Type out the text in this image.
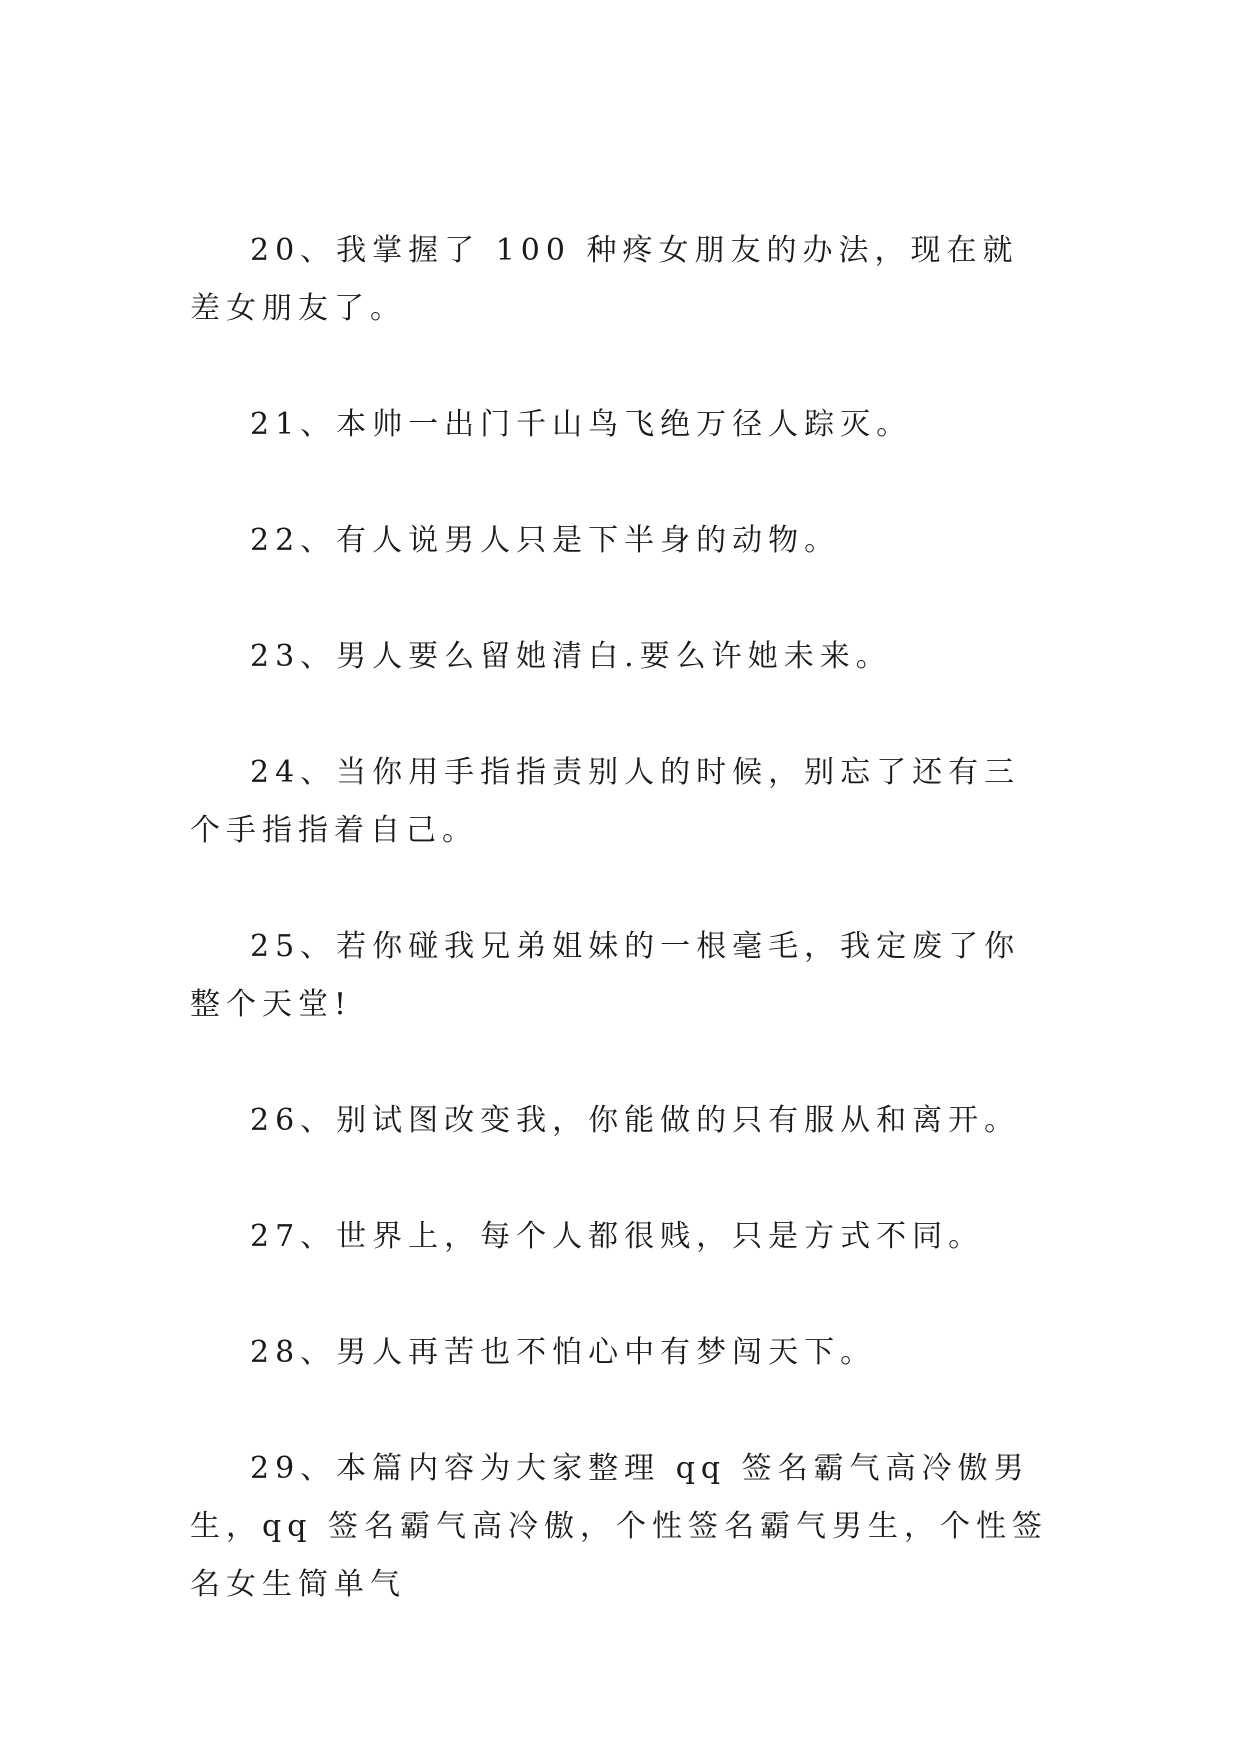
20、我掌握了 100 种疼女朋友的办法，现在就差女朋友了。

21、本帅一出门千山鸟飞绝万径人踪灭。

22、有人说男人只是下半身的动物。

23、男人要么留她清白.要么许她未来。

24、当你用手指指责别人的时候，别忘了还有三个手指指着自己。

25、若你碰我兄弟姐妹的一根毫毛，我定废了你整个天堂!

26、别试图改变我，你能做的只有服从和离开。

27、世界上，每个人都很贱，只是方式不同。

28、男人再苦也不怕心中有梦闯天下。

29、本篇内容为大家整理 qq 签名霸气高冷傲男生，qq 签名霸气高冷傲，个性签名霸气男生，个性签名女生简单气
